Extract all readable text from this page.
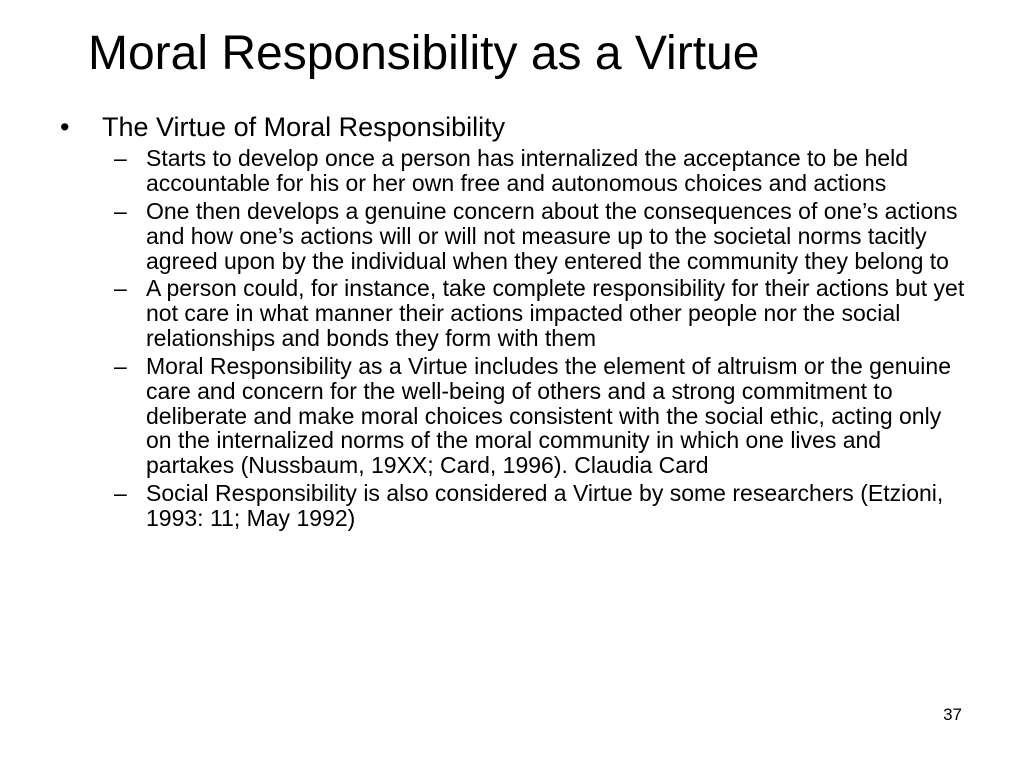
Moral Responsibility as a Virtue
• The Virtue of Moral Responsibility
– Starts to develop once a person has internalized the acceptance to be held accountable for his or her own free and autonomous choices and actions
– One then develops a genuine concern about the consequences of one’s actions and how one’s actions will or will not measure up to the societal norms tacitly agreed upon by the individual when they entered the community they belong to
– A person could, for instance, take complete responsibility for their actions but yet not care in what manner their actions impacted other people nor the social relationships and bonds they form with them
– Moral Responsibility as a Virtue includes the element of altruism or the genuine care and concern for the well-being of others and a strong commitment to deliberate and make moral choices consistent with the social ethic, acting only on the internalized norms of the moral community in which one lives and partakes (Nussbaum, 19XX; Card, 1996). Claudia Card
– Social Responsibility is also considered a Virtue by some researchers (Etzioni, 1993: 11; May 1992)
37
